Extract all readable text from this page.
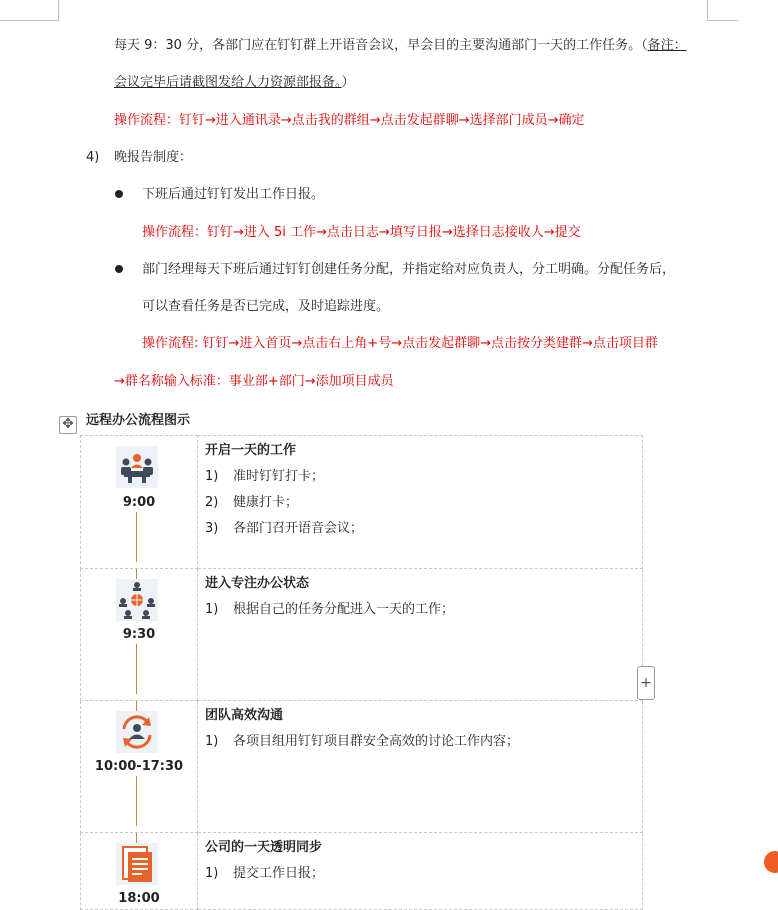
每天 9：30 分，各部门应在钉钉群上开语音会议，早会目的主要沟通部门一天的工作任务。（备注：
会议完毕后请截图发给人力资源部报备。）
操作流程：钉钉→进入通讯录→点击我的群组→点击发起群聊→选择部门成员→确定
4) 晚报告制度：
下班后通过钉钉发出工作日报。
操作流程：钉钉→进入 5i 工作→点击日志→填写日报→选择日志接收人→提交
部门经理每天下班后通过钉钉创建任务分配，并指定给对应负责人，分工明确。分配任务后，
可以查看任务是否已完成，及时追踪进度。
操作流程: 钉钉→进入首页→点击右上角+号→点击发起群聊→点击按分类建群→点击项目群
→群名称输入标准：事业部+部门→添加项目成员
✥ 远程办公流程图示
9:00	开启一天的工作
1) 准时钉钉打卡；
2) 健康打卡；
3) 各部门召开语音会议；

9:30	进入专注办公状态
1) 根据自己的任务分配进入一天的工作；

10:00-17:30	团队高效沟通
1) 各项目组用钉钉项目群安全高效的讨论工作内容；

18:00	公司的一天透明同步
1) 提交工作日报；
+
